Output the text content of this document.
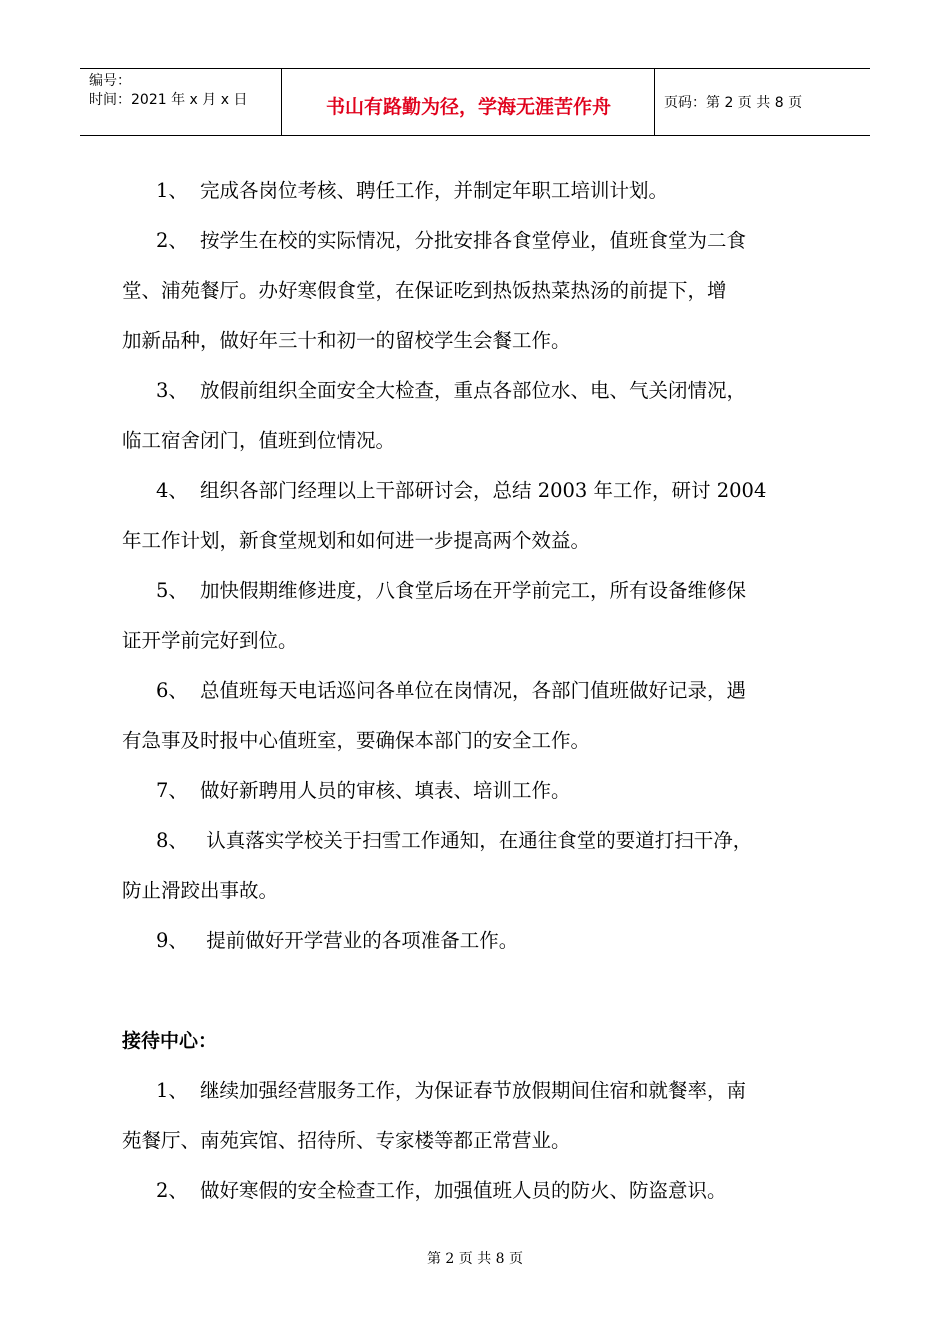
编号：
时间：2021 年 x 月 x 日	书山有路勤为径，学海无涯苦作舟	页码：第 2 页 共 8 页
1、 完成各岗位考核、聘任工作，并制定年职工培训计划。
2、 按学生在校的实际情况，分批安排各食堂停业，值班食堂为二食
堂、浦苑餐厅。办好寒假食堂，在保证吃到热饭热菜热汤的前提下，增
加新品种，做好年三十和初一的留校学生会餐工作。
3、 放假前组织全面安全大检查，重点各部位水、电、气关闭情况，
临工宿舍闭门，值班到位情况。
4、 组织各部门经理以上干部研讨会，总结 2003 年工作，研讨 2004
年工作计划，新食堂规划和如何进一步提高两个效益。
5、 加快假期维修进度，八食堂后场在开学前完工，所有设备维修保
证开学前完好到位。
6、 总值班每天电话巡问各单位在岗情况，各部门值班做好记录，遇
有急事及时报中心值班室，要确保本部门的安全工作。
7、 做好新聘用人员的审核、填表、培训工作。
8、 认真落实学校关于扫雪工作通知，在通往食堂的要道打扫干净，
防止滑跤出事故。
9、 提前做好开学营业的各项准备工作。
接待中心：
1、 继续加强经营服务工作，为保证春节放假期间住宿和就餐率，南
苑餐厅、南苑宾馆、招待所、专家楼等都正常营业。
2、 做好寒假的安全检查工作，加强值班人员的防火、防盗意识。
第 2 页 共 8 页
